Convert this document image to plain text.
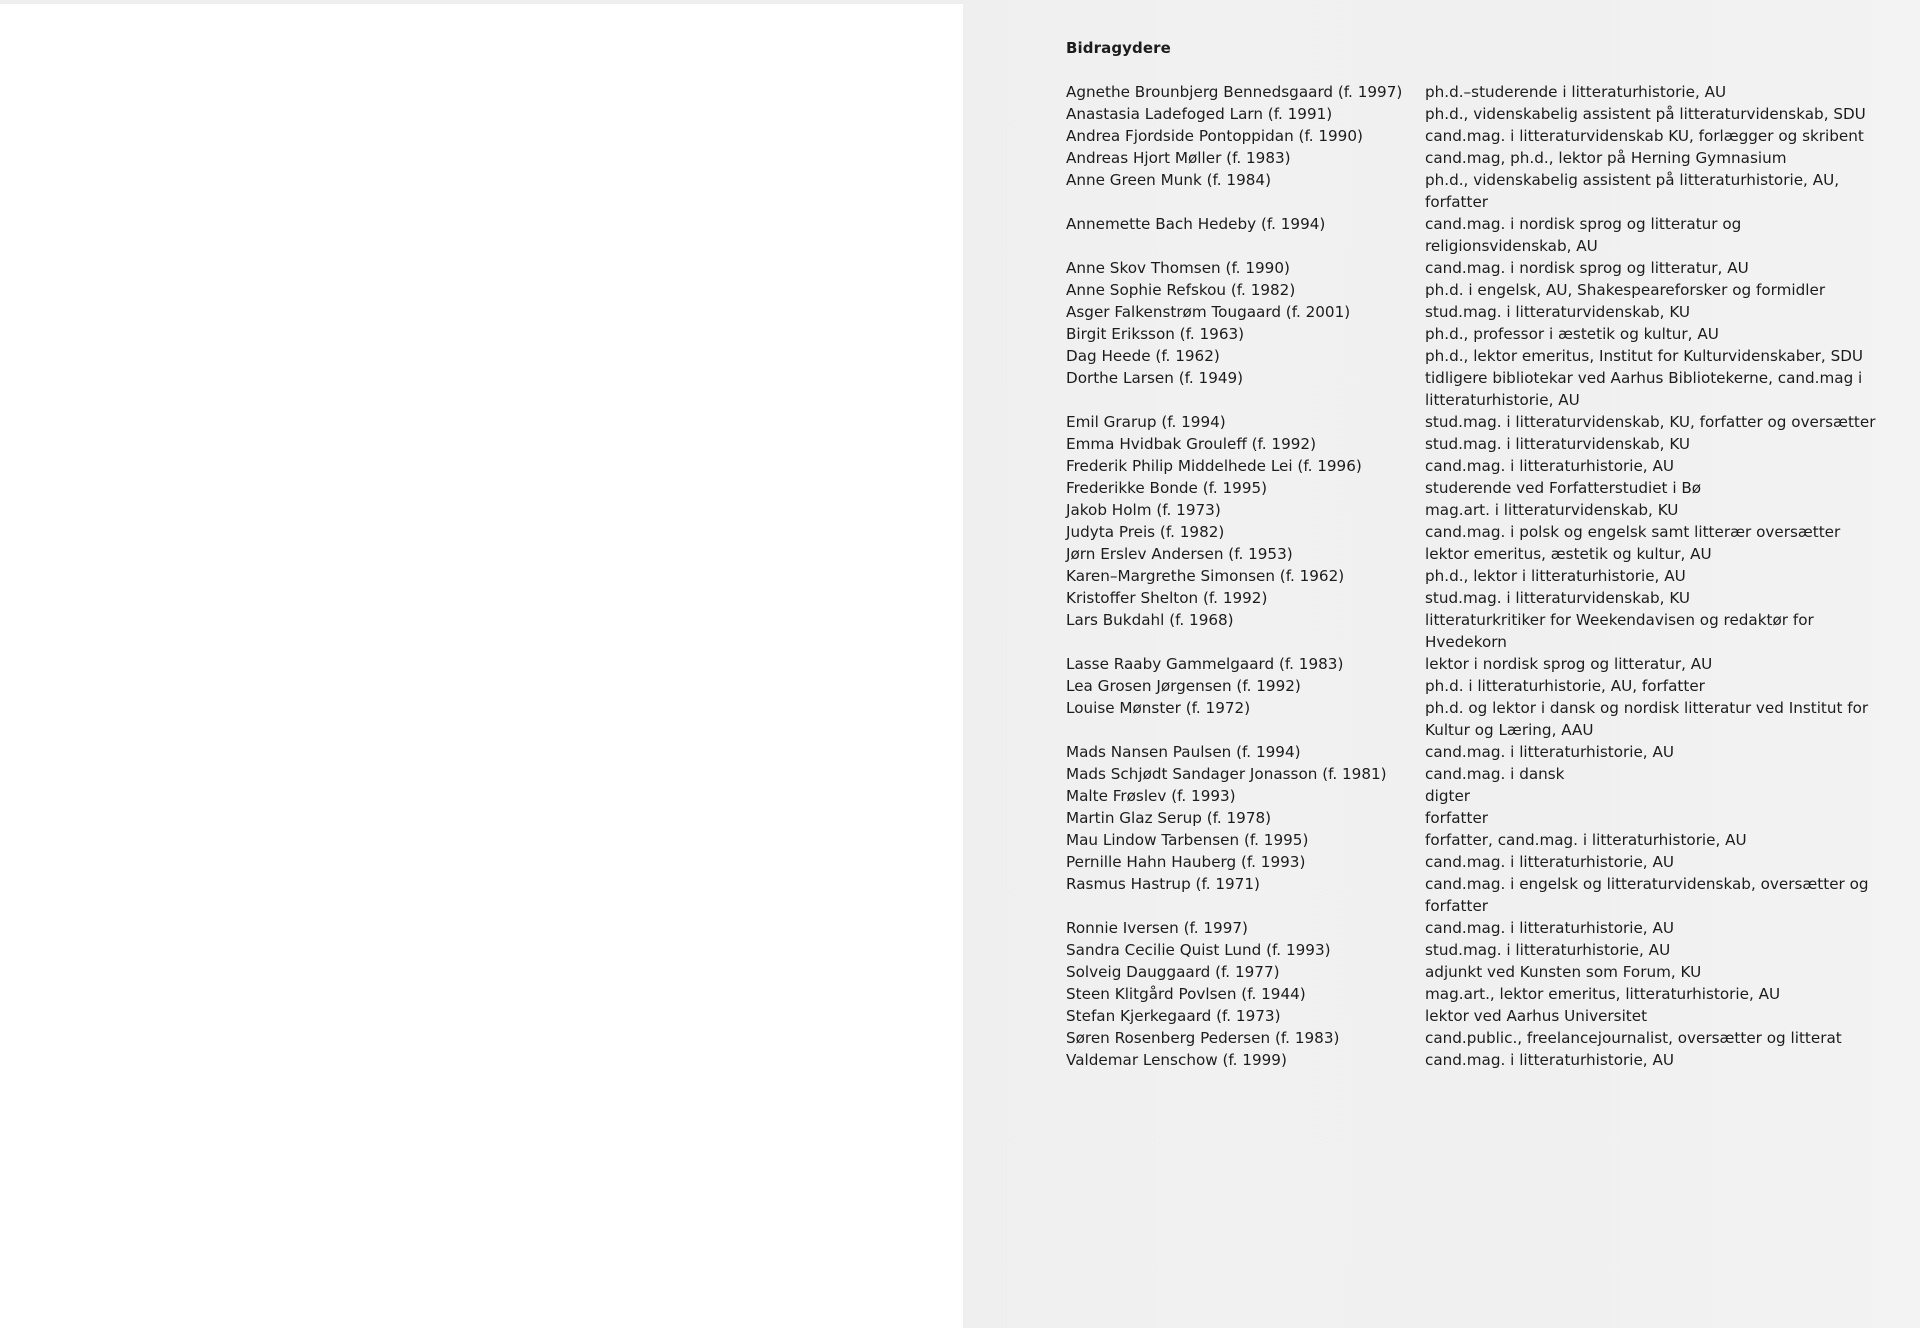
Bidragydere
Agnethe Brounbjerg Bennedsgaard (f. 1997)	ph.d.–studerende i litteraturhistorie, AU
Anastasia Ladefoged Larn (f. 1991)	ph.d., videnskabelig assistent på litteraturvidenskab, SDU
Andrea Fjordside Pontoppidan (f. 1990)	cand.mag. i litteraturvidenskab KU, forlægger og skribent
Andreas Hjort Møller (f. 1983)	cand.mag, ph.d., lektor på Herning Gymnasium
Anne Green Munk (f. 1984)	ph.d., videnskabelig assistent på litteraturhistorie, AU, forfatter
Annemette Bach Hedeby (f. 1994)	cand.mag. i nordisk sprog og litteratur og religionsvidenskab, AU
Anne Skov Thomsen (f. 1990)	cand.mag. i nordisk sprog og litteratur, AU
Anne Sophie Refskou (f. 1982)	ph.d. i engelsk, AU, Shakespeareforsker og formidler
Asger Falkenstrøm Tougaard (f. 2001)	stud.mag. i litteraturvidenskab, KU
Birgit Eriksson (f. 1963)	ph.d., professor i æstetik og kultur, AU
Dag Heede (f. 1962)	ph.d., lektor emeritus, Institut for Kulturvidenskaber, SDU
Dorthe Larsen (f. 1949)	tidligere bibliotekar ved Aarhus Bibliotekerne, cand.mag i litteraturhistorie, AU
Emil Grarup (f. 1994)	stud.mag. i litteraturvidenskab, KU, forfatter og oversætter
Emma Hvidbak Grouleff (f. 1992)	stud.mag. i litteraturvidenskab, KU
Frederik Philip Middelhede Lei (f. 1996)	cand.mag. i litteraturhistorie, AU
Frederikke Bonde (f. 1995)	studerende ved Forfatterstudiet i Bø
Jakob Holm (f. 1973)	mag.art. i litteraturvidenskab, KU
Judyta Preis (f. 1982)	cand.mag. i polsk og engelsk samt litterær oversætter
Jørn Erslev Andersen (f. 1953)	lektor emeritus, æstetik og kultur, AU
Karen–Margrethe Simonsen (f. 1962)	ph.d., lektor i litteraturhistorie, AU
Kristoffer Shelton (f. 1992)	stud.mag. i litteraturvidenskab, KU
Lars Bukdahl (f. 1968)	litteraturkritiker for Weekendavisen og redaktør for Hvedekorn
Lasse Raaby Gammelgaard (f. 1983)	lektor i nordisk sprog og litteratur, AU
Lea Grosen Jørgensen (f. 1992)	ph.d. i litteraturhistorie, AU, forfatter
Louise Mønster (f. 1972)	ph.d. og lektor i dansk og nordisk litteratur ved Institut for Kultur og Læring, AAU
Mads Nansen Paulsen (f. 1994)	cand.mag. i litteraturhistorie, AU
Mads Schjødt Sandager Jonasson (f. 1981)	cand.mag. i dansk
Malte Frøslev (f. 1993)	digter
Martin Glaz Serup (f. 1978)	forfatter
Mau Lindow Tarbensen (f. 1995)	forfatter, cand.mag. i litteraturhistorie, AU
Pernille Hahn Hauberg (f. 1993)	cand.mag. i litteraturhistorie, AU
Rasmus Hastrup (f. 1971)	cand.mag. i engelsk og litteraturvidenskab, oversætter og forfatter
Ronnie Iversen (f. 1997)	cand.mag. i litteraturhistorie, AU
Sandra Cecilie Quist Lund (f. 1993)	stud.mag. i litteraturhistorie, AU
Solveig Dauggaard (f. 1977)	adjunkt ved Kunsten som Forum, KU
Steen Klitgård Povlsen (f. 1944)	mag.art., lektor emeritus, litteraturhistorie, AU
Stefan Kjerkegaard (f. 1973)	lektor ved Aarhus Universitet
Søren Rosenberg Pedersen (f. 1983)	cand.public., freelancejournalist, oversætter og litterat
Valdemar Lenschow (f. 1999)	cand.mag. i litteraturhistorie, AU
